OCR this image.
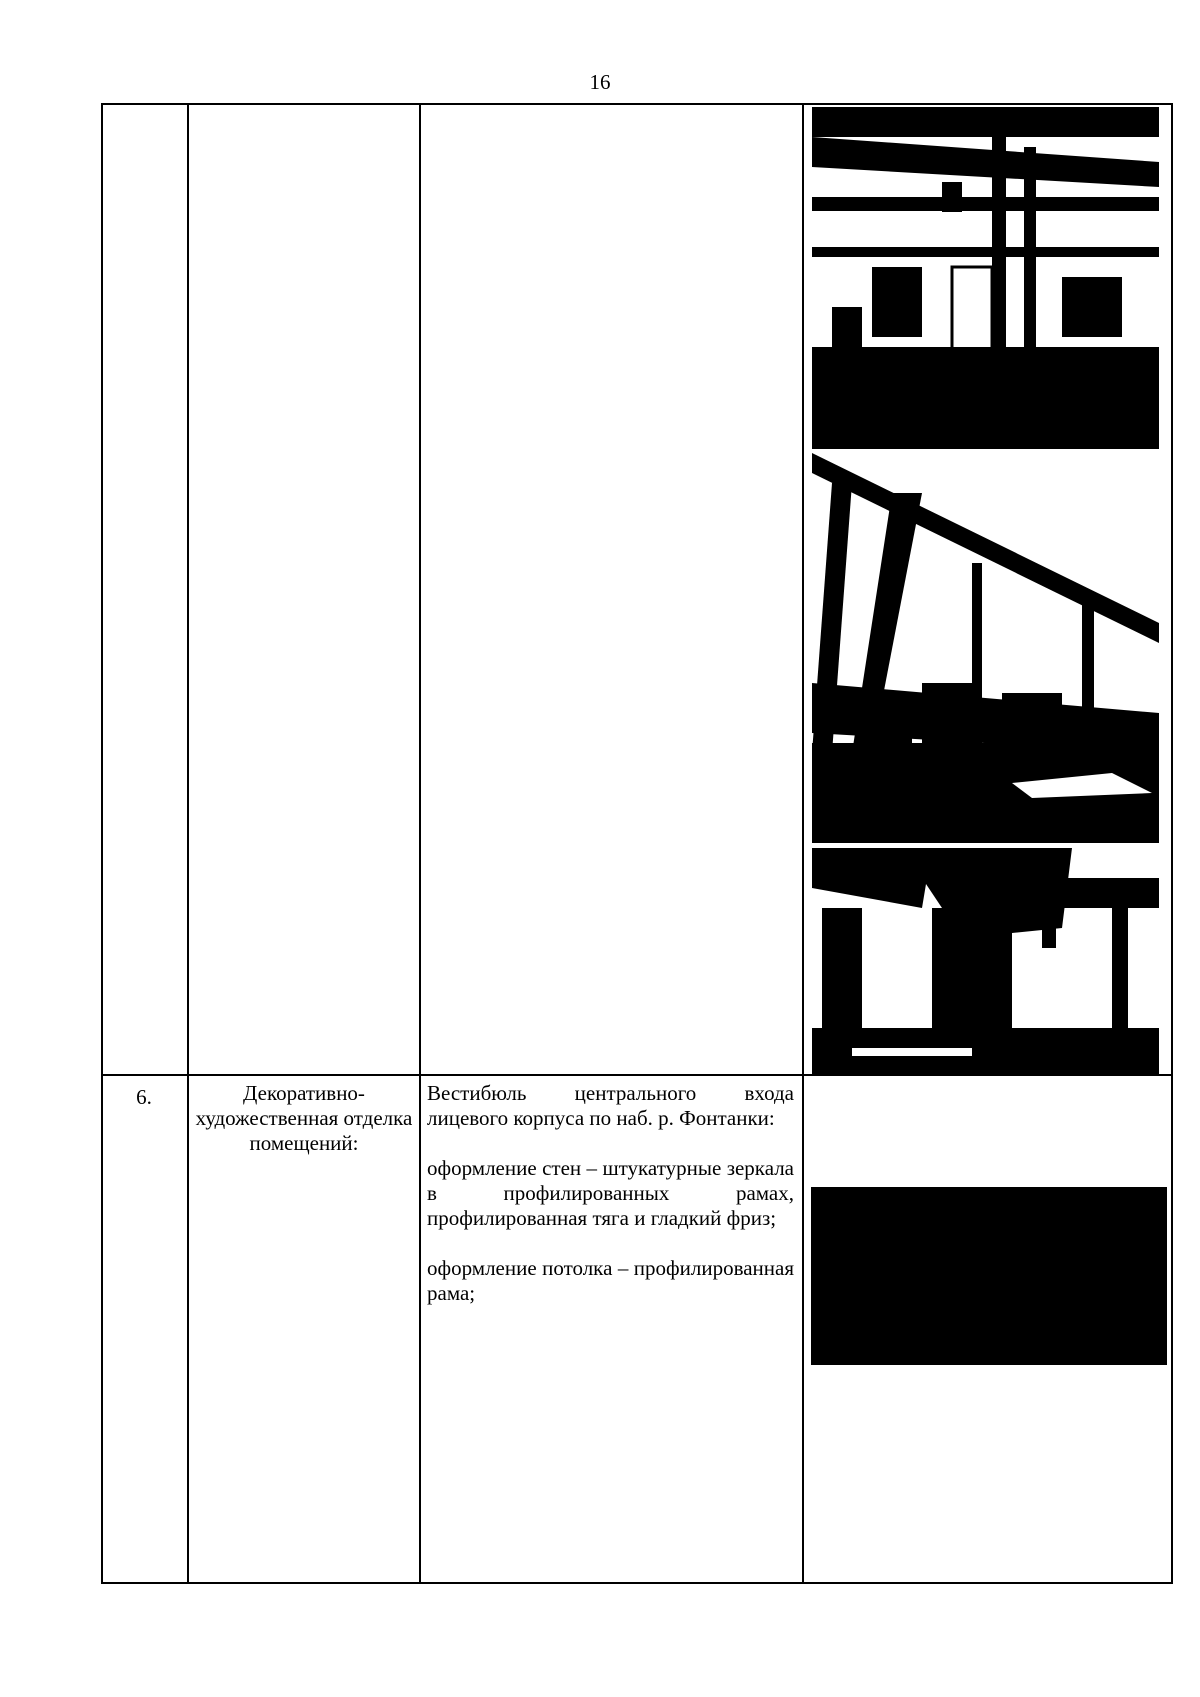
16
6.	Декоративно-художественная отделка помещений:

Вестибюль центрального входа лицевого корпуса по наб. р. Фонтанки:

оформление стен – штукатурные зеркала в профилированных рамах, профилированная тяга и гладкий фриз;

оформление потолка – профилированная рама;
